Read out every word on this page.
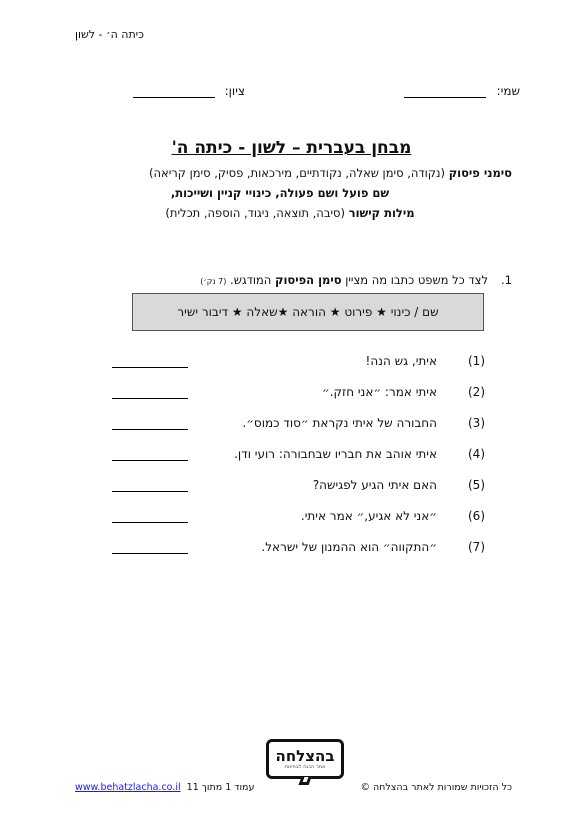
כיתה ה׳ - לשון
שמי:
ציון:
מבחן בעברית – לשון - כיתה ה'
סימני פיסוק (נקודה, סימן שאלה, נקודתיים, מירכאות, פסיק, סימן קריאה)
שם פועל ושם פעולה, כינויי קניין ושייכות,
מילות קישור (סיבה, תוצאה, ניגוד, הוספה, תכלית)
1.
לצד כל משפט כתבו מה מציין סימן הפיסוק המודגש. (7 נק׳)
שם / כינוי ★ פירוט ★ הוראה ★שאלה ★ דיבור ישיר
(1)
איתי, גש הנה!
(2)
איתי אמר: ״אני חזק.״
(3)
החבורה של איתי נקראת ״סוד כמוס״.
(4)
איתי אוהב את חבריו שבחבורה: רועי ודן.
(5)
האם איתי הגיע לפגישה?
(6)
״אני לא אגיע,״ אמר איתי.
(7)
״התקווה״ הוא ההמנון של ישראל.
בהצלחה
אתר הכנה לבחינות
כל הזכויות שמורות לאתר בהצלחה ©
www.behatzlacha.co.il עמוד 1 מתוך 11
